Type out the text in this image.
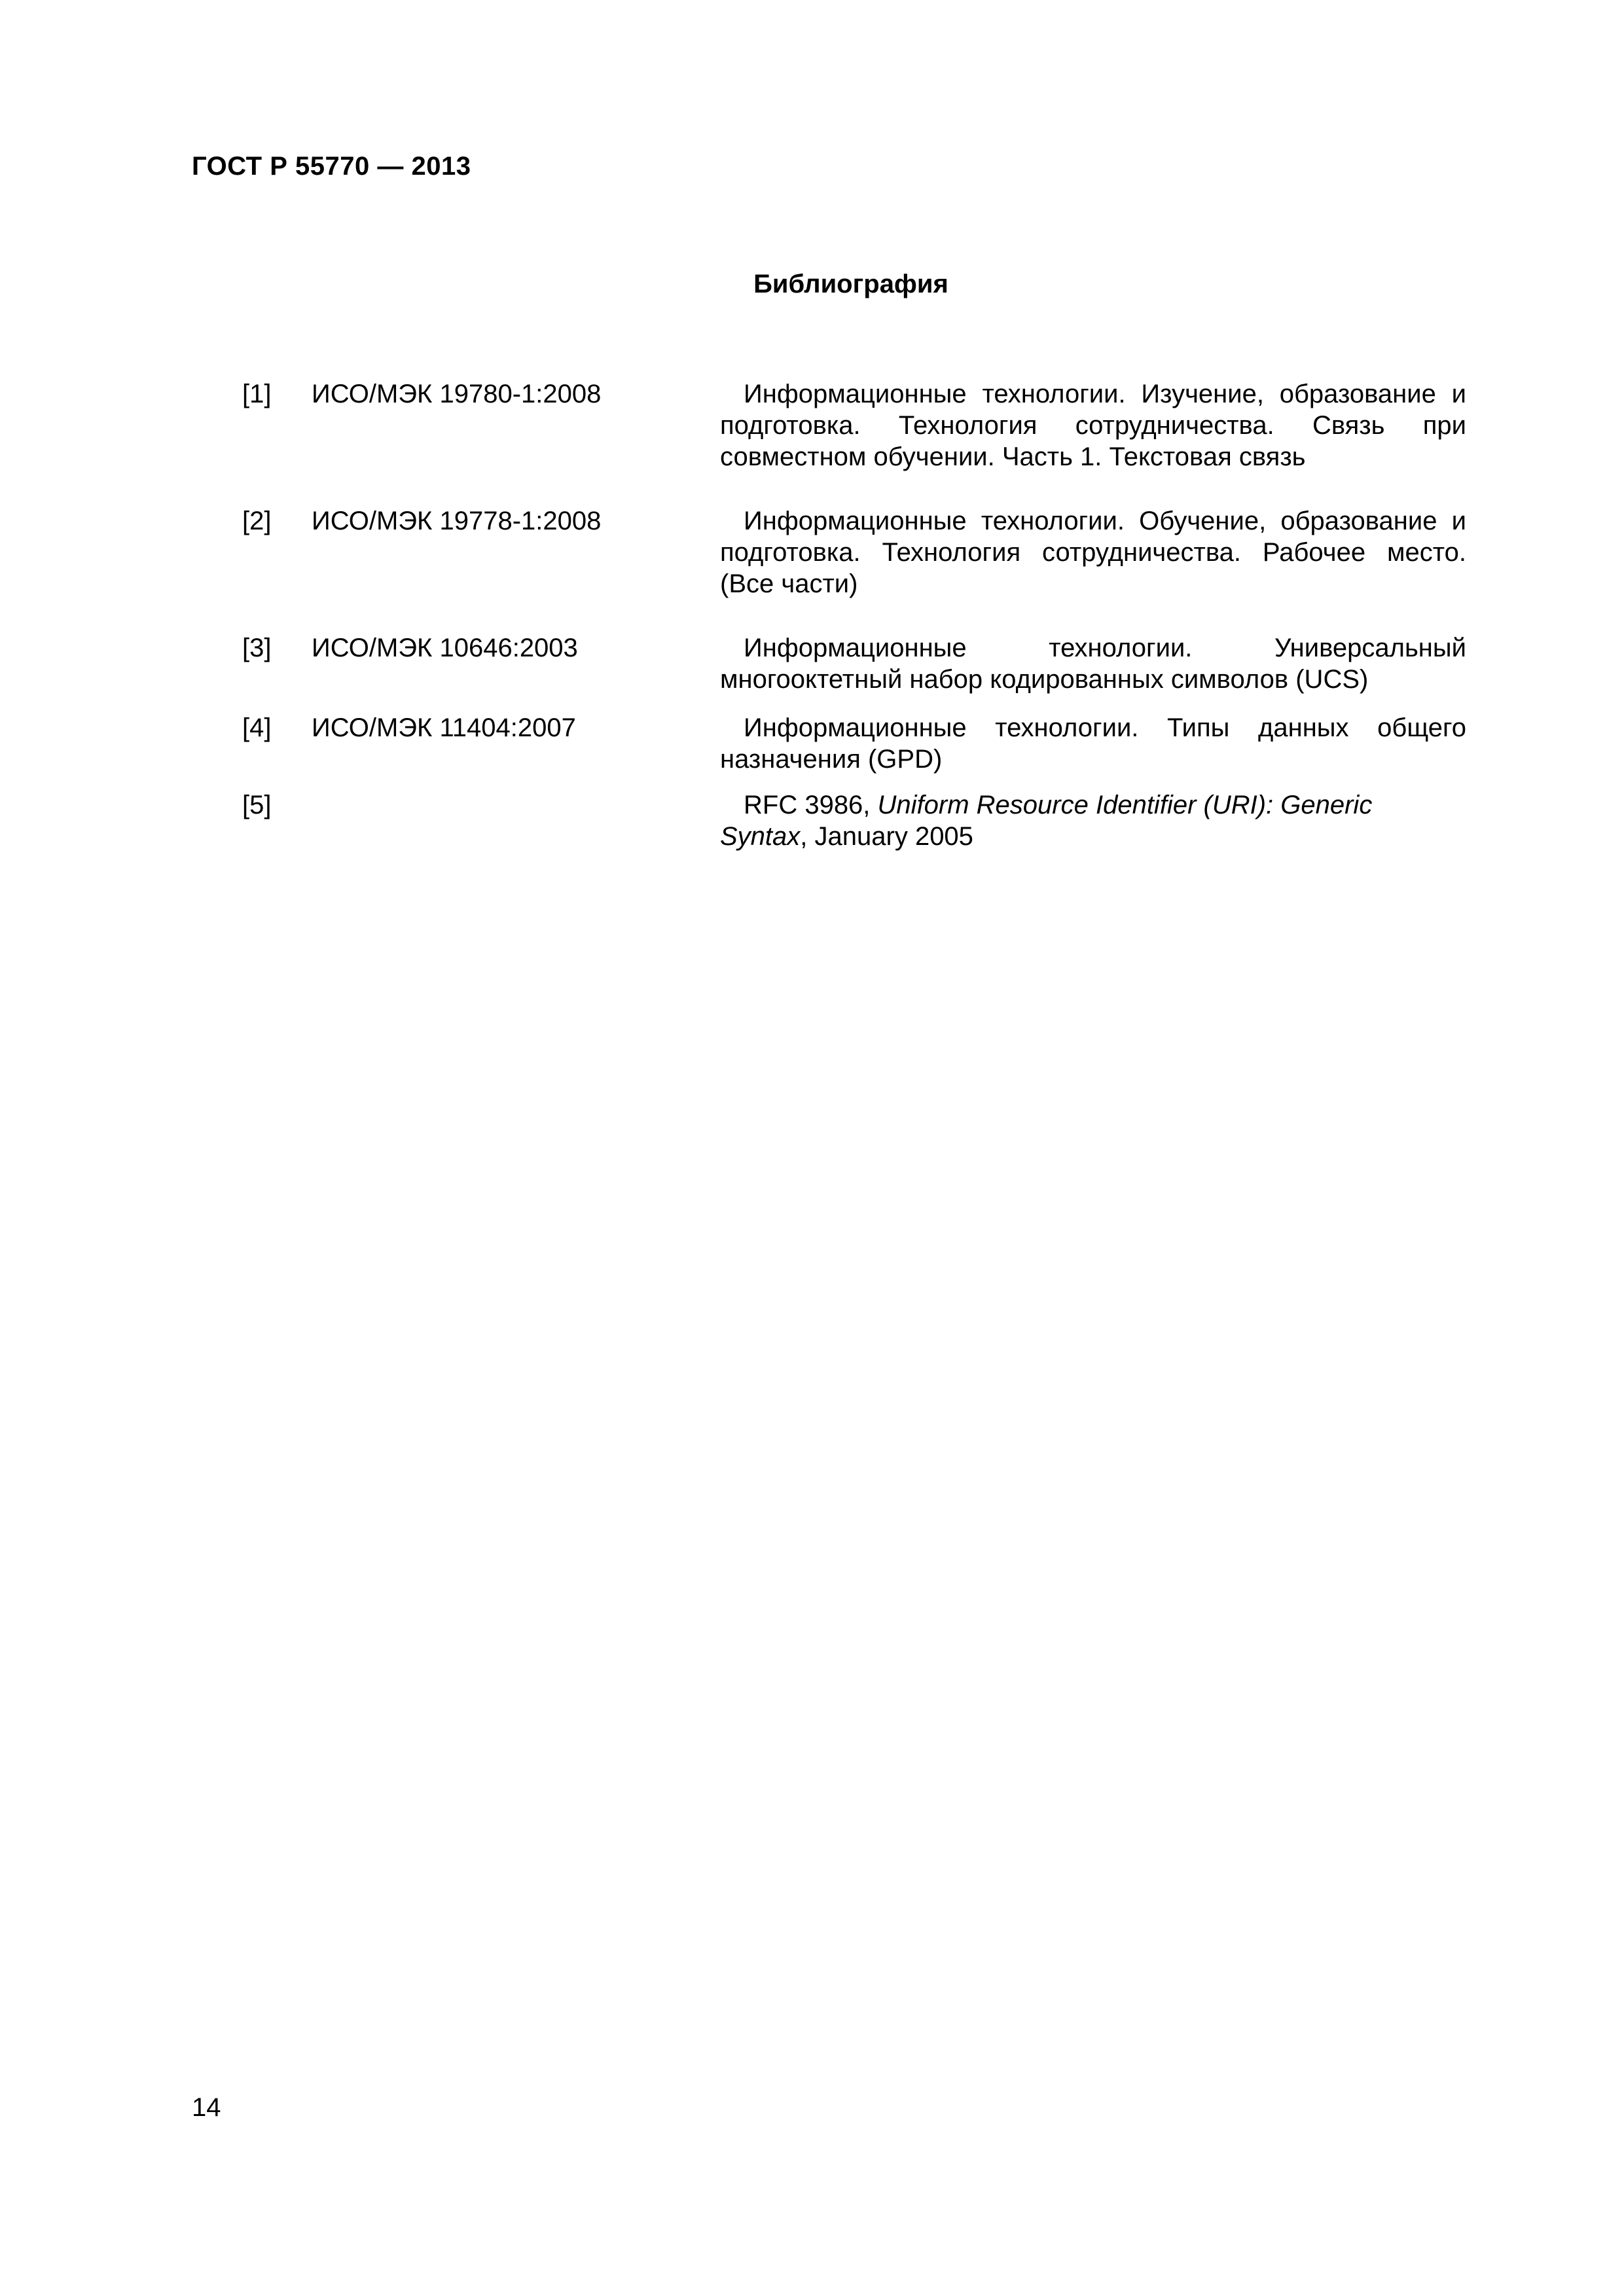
ГОСТ Р 55770 — 2013
Библиография
[1] ИСО/МЭК 19780-1:2008	Информационные технологии. Изучение, образование и подготовка. Технология сотрудничества. Связь при совместном обучении. Часть 1. Текстовая связь

[2] ИСО/МЭК 19778-1:2008	Информационные технологии. Обучение, образование и подготовка. Технология сотрудничества. Рабочее место. (Все части)

[3] ИСО/МЭК 10646:2003	Информационные технологии. Универсальный многооктетный набор кодированных символов (UCS)

[4] ИСО/МЭК 11404:2007	Информационные технологии. Типы данных общего назначения (GPD)

[5]	RFC 3986, Uniform Resource Identifier (URI): Generic Syntax, January 2005

14
